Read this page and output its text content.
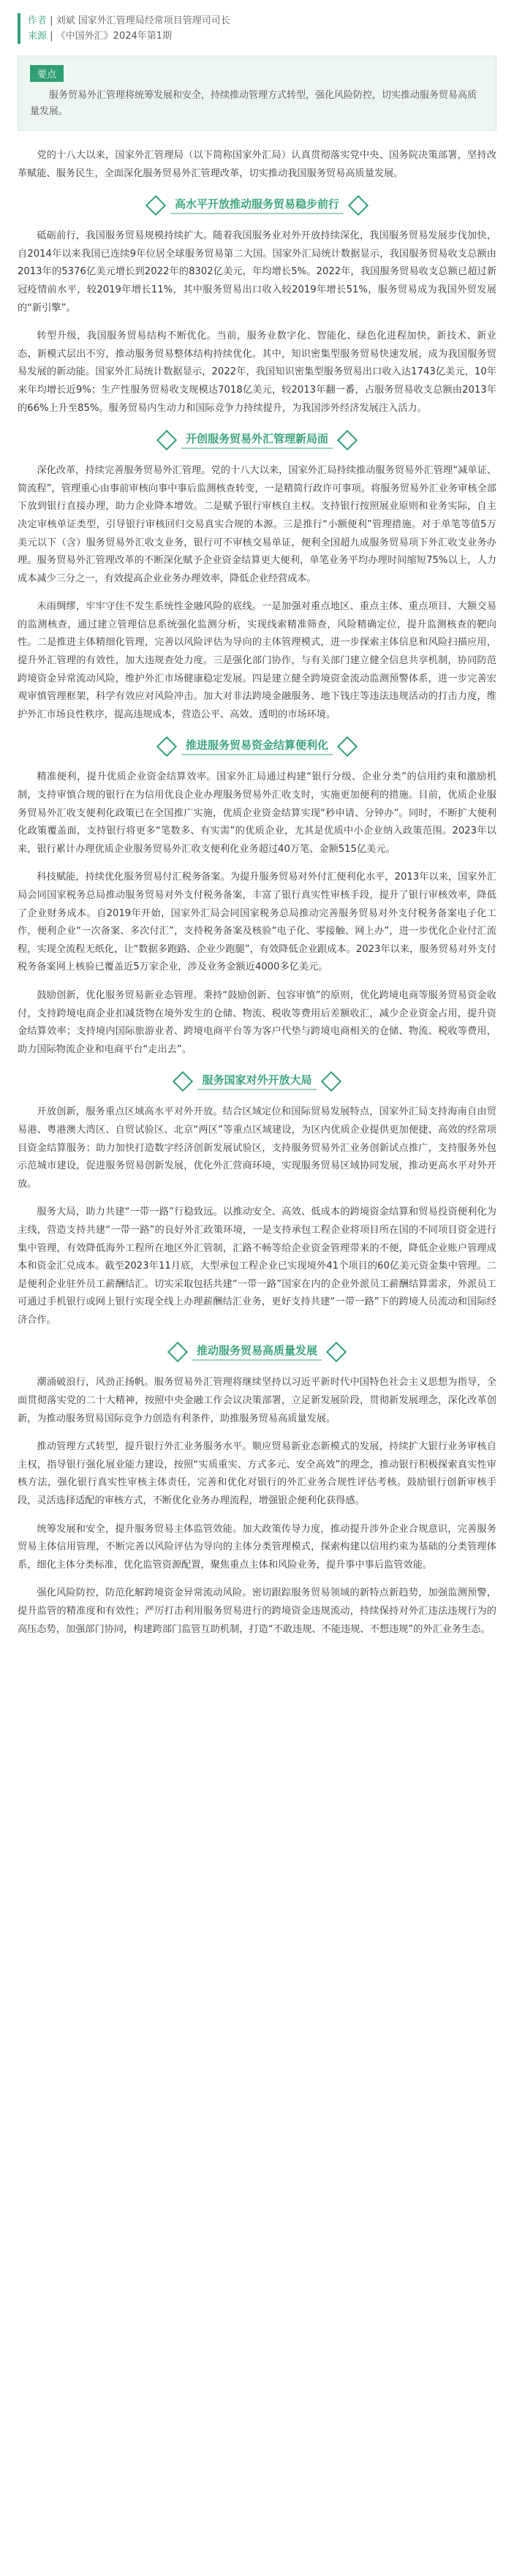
作者 | 刘斌 国家外汇管理局经常项目管理司司长
来源 | 《中国外汇》2024年第1期
要点

服务贸易外汇管理将统筹发展和安全，持续推动管理方式转型，强化风险防控，切实推动服务贸易高质量发展。

党的十八大以来，国家外汇管理局（以下简称国家外汇局）认真贯彻落实党中央、国务院决策部署，坚持改革赋能、服务民生，全面深化服务贸易外汇管理改革，切实推动我国服务贸易高质量发展。

高水平开放推动服务贸易稳步前行

砥砺前行，我国服务贸易规模持续扩大。随着我国服务业对外开放持续深化，我国服务贸易发展步伐加快，自2014年以来我国已连续9年位居全球服务贸易第二大国。国家外汇局统计数据显示，我国服务贸易收支总额由2013年的5376亿美元增长到2022年的8302亿美元，年均增长5%。2022年，我国服务贸易收支总额已超过新冠疫情前水平，较2019年增长11%，其中服务贸易出口收入较2019年增长51%，服务贸易成为我国外贸发展的“新引擎”。

转型升级，我国服务贸易结构不断优化。当前，服务业数字化、智能化、绿色化进程加快，新技术、新业态、新模式层出不穷，推动服务贸易整体结构持续优化。其中，知识密集型服务贸易快速发展，成为我国服务贸易发展的新动能。国家外汇局统计数据显示，2022年，我国知识密集型服务贸易出口收入达1743亿美元，10年来年均增长近9%；生产性服务贸易收支规模达7018亿美元，较2013年翻一番，占服务贸易收支总额由2013年的66%上升至85%。服务贸易内生动力和国际竞争力持续提升，为我国涉外经济发展注入活力。

开创服务贸易外汇管理新局面

深化改革，持续完善服务贸易外汇管理。党的十八大以来，国家外汇局持续推动服务贸易外汇管理“减单证、简流程”，管理重心由事前审核向事中事后监测核查转变，一是精简行政许可事项。将服务贸易外汇业务审核全部下放到银行直接办理，助力企业降本增效。二是赋予银行审核自主权。支持银行按照展业原则和业务实际，自主决定审核单证类型，引导银行审核回归交易真实合规的本源。三是推行“小额便利”管理措施。对于单笔等值5万美元以下（含）服务贸易外汇收支业务，银行可不审核交易单证，便利全国超九成服务贸易项下外汇收支业务办理。服务贸易外汇管理改革的不断深化赋予企业资金结算更大便利，单笔业务平均办理时间缩短75%以上，人力成本减少三分之一，有效提高企业业务办理效率，降低企业经营成本。

未雨绸缪，牢牢守住不发生系统性金融风险的底线。一是加强对重点地区、重点主体、重点项目、大额交易的监测核查，通过建立管理信息系统强化监测分析，实现线索精准筛查，风险精确定位，提升监测核查的靶向性。二是推进主体精细化管理，完善以风险评估为导向的主体管理模式，进一步探索主体信息和风险扫描应用，提升外汇管理的有效性，加大违规查处力度。三是强化部门协作，与有关部门建立健全信息共享机制，协同防范跨境资金异常流动风险，维护外汇市场健康稳定发展。四是建立健全跨境资金流动监测预警体系，进一步完善宏观审慎管理框架，科学有效应对风险冲击。加大对非法跨境金融服务、地下钱庄等违法违规活动的打击力度，维护外汇市场良性秩序，提高违规成本，营造公平、高效、透明的市场环境。

推进服务贸易资金结算便利化

精准便利，提升优质企业资金结算效率。国家外汇局通过构建“银行分级、企业分类”的信用约束和激励机制，支持审慎合规的银行在为信用优良企业办理服务贸易外汇收支时，实施更加便利的措施。目前，优质企业服务贸易外汇收支便利化政策已在全国推广实施，优质企业资金结算实现“秒申请、分钟办”。同时，不断扩大便利化政策覆盖面，支持银行将更多“笔数多、有实需”的优质企业，尤其是优质中小企业纳入政策范围。2023年以来，银行累计办理优质企业服务贸易外汇收支便利化业务超过40万笔、金额515亿美元。

科技赋能，持续优化服务贸易付汇税务备案。为提升服务贸易对外付汇便利化水平，2013年以来，国家外汇局会同国家税务总局推动服务贸易对外支付税务备案，丰富了银行真实性审核手段，提升了银行审核效率，降低了企业财务成本。自2019年开始，国家外汇局会同国家税务总局推动完善服务贸易对外支付税务备案电子化工作，便利企业“一次备案、多次付汇”，支持税务备案及核验“电子化、零接触、网上办”，进一步优化企业付汇流程，实现全流程无纸化，让“数据多跑路、企业少跑腿”，有效降低企业跟成本。2023年以来，服务贸易对外支付税务备案网上核验已覆盖近5万家企业，涉及业务金额近4000多亿美元。

鼓励创新，优化服务贸易新业态管理。秉持“鼓励创新、包容审慎”的原则，优化跨境电商等服务贸易资金收付，支持跨境电商企业扣减货物在境外发生的仓储、物流、税收等费用后差额收汇，减少企业资金占用，提升资金结算效率；支持境内国际旅游业者、跨境电商平台等为客户代垫与跨境电商相关的仓储、物流、税收等费用，助力国际物流企业和电商平台“走出去”。

服务国家对外开放大局

开放创新，服务重点区域高水平对外开放。结合区域定位和国际贸易发展特点，国家外汇局支持海南自由贸易港、粤港澳大湾区、自贸试验区、北京“两区”等重点区域建设，为区内优质企业提供更加便捷、高效的经常项目资金结算服务；助力加快打造数字经济创新发展试验区，支持服务贸易外汇业务创新试点推广，支持服务外包示范城市建设，促进服务贸易创新发展，优化外汇营商环境，实现服务贸易区域协同发展，推动更高水平对外开放。

服务大局，助力共建“一带一路”行稳致远。以推动安全、高效、低成本的跨境资金结算和贸易投资便利化为主线，营造支持共建“一带一路”的良好外汇政策环境，一是支持承包工程企业将项目所在国的不同项目资金进行集中管理，有效降低海外工程所在地区外汇管制，汇路不畅等给企业资金管理带来的不便，降低企业账户管理成本和资金汇兑成本。截至2023年11月底，大型承包工程企业已实现境外41个项目的60亿美元资金集中管理。二是便利企业驻外员工薪酬结汇。切实采取包括共建“一带一路”国家在内的企业外派员工薪酬结算需求，外派员工可通过手机银行或网上银行实现全线上办理薪酬结汇业务，更好支持共建“一带一路”下的跨境人员流动和国际经济合作。

推动服务贸易高质量发展

潮涌破浪行，风劲正扬帆。服务贸易外汇管理将继续坚持以习近平新时代中国特色社会主义思想为指导，全面贯彻落实党的二十大精神，按照中央金融工作会议决策部署，立足新发展阶段，贯彻新发展理念，深化改革创新，为推动服务贸易国际竞争力创造有利条件，助推服务贸易高质量发展。

推动管理方式转型，提升银行外汇业务服务水平。顺应贸易新业态新模式的发展，持续扩大银行业务审核自主权，指导银行强化展业能力建设，按照“实质重实、方式多元、安全高效”的理念，推动银行积极探索真实性审核方法，强化银行真实性审核主体责任，完善和优化对银行的外汇业务合规性评估考核。鼓励银行创新审核手段，灵活选择适配的审核方式，不断优化业务办理流程，增强银企便利化获得感。

统筹发展和安全，提升服务贸易主体监管效能。加大政策传导力度，推动提升涉外企业合规意识，完善服务贸易主体信用管理，不断完善以风险评估为导向的主体分类管理模式，探索构建以信用约束为基础的分类管理体系，细化主体分类标准，优化监管资源配置，聚焦重点主体和风险业务，提升事中事后监管效能。

强化风险防控，防范化解跨境资金异常流动风险。密切跟踪服务贸易领域的新特点新趋势，加强监测预警，提升监管的精准度和有效性；严厉打击利用服务贸易进行的跨境资金违规流动，持续保持对外汇违法违规行为的高压态势，加强部门协同，构建跨部门监管互助机制，打造“不敢违规、不能违规、不想违规”的外汇业务生态。
